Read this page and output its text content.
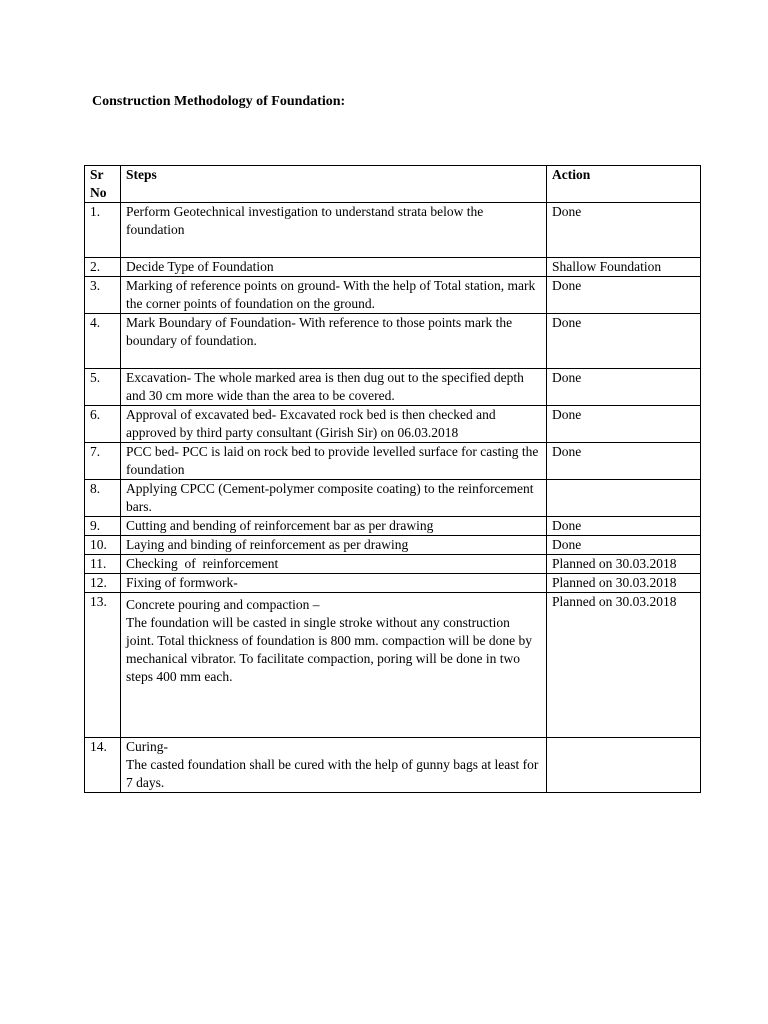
Construction Methodology of Foundation:
Sr No	Steps	Action
1.	Perform Geotechnical investigation to understand strata below the foundation	Done
2.	Decide Type of Foundation	Shallow Foundation
3.	Marking of reference points on ground- With the help of Total station, mark the corner points of foundation on the ground.	Done
4.	Mark Boundary of Foundation- With reference to those points mark the boundary of foundation.	Done
5.	Excavation- The whole marked area is then dug out to the specified depth and 30 cm more wide than the area to be covered.	Done
6.	Approval of excavated bed- Excavated rock bed is then checked and approved by third party consultant (Girish Sir) on 06.03.2018	Done
7.	PCC bed- PCC is laid on rock bed to provide levelled surface for casting the foundation	Done
8.	Applying CPCC (Cement-polymer composite coating) to the reinforcement bars.	
9.	Cutting and bending of reinforcement bar as per drawing	Done
10.	Laying and binding of reinforcement as per drawing	Done
11.	Checking  of  reinforcement	Planned on 30.03.2018
12.	Fixing of formwork-	Planned on 30.03.2018
13.	Concrete pouring and compaction –
The foundation will be casted in single stroke without any construction joint. Total thickness of foundation is 800 mm. compaction will be done by mechanical vibrator. To facilitate compaction, poring will be done in two steps 400 mm each.	Planned on 30.03.2018
14.	Curing-
The casted foundation shall be cured with the help of gunny bags at least for 7 days.	
